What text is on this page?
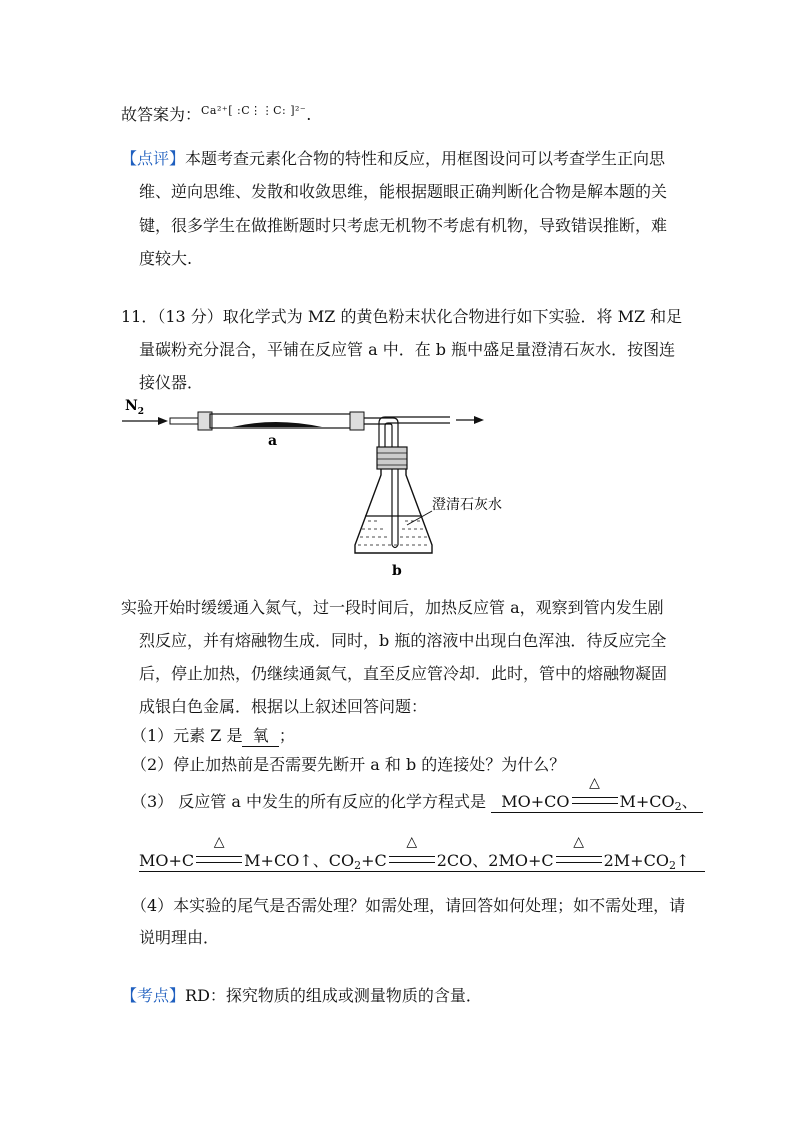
故答案为：$^{Ca^{2+}[ :C⋮⋮C: ]^{2-}}$.
【点评】本题考查元素化合物的特性和反应，用框图设问可以考查学生正向思
维、逆向思维、发散和收敛思维，能根据题眼正确判断化合物是解本题的关
键，很多学生在做推断题时只考虑无机物不考虑有机物，导致错误推断，难
度较大.
11．（13 分）取化学式为 MZ 的黄色粉末状化合物进行如下实验．将 MZ 和足
量碳粉充分混合，平铺在反应管 a 中．在 b 瓶中盛足量澄清石灰水．按图连
接仪器．
$N_2$
a
澄清石灰水
b
实验开始时缓缓通入氮气，过一段时间后，加热反应管 a，观察到管内发生剧
烈反应，并有熔融物生成．同时，b 瓶的溶液中出现白色浑浊．待反应完全
后，停止加热，仍继续通氮气，直至反应管冷却．此时，管中的熔融物凝固
成银白色金属．根据以上叙述回答问题：
（1）元素 Z 是  氧  ；
（2）停止加热前是否需要先断开 a 和 b 的连接处？为什么？
（3） 反应管 a 中发生的所有反应的化学方程式是 MO+CO
△
$M+CO_2$、
MO+C
△
M+CO↑、$CO_2+C$
△
2CO、2MO+C
△
$2M+CO_2↑$
（4）本实验的尾气是否需处理？如需处理，请回答如何处理；如不需处理，请
说明理由．
【考点】RD：探究物质的组成或测量物质的含量．
